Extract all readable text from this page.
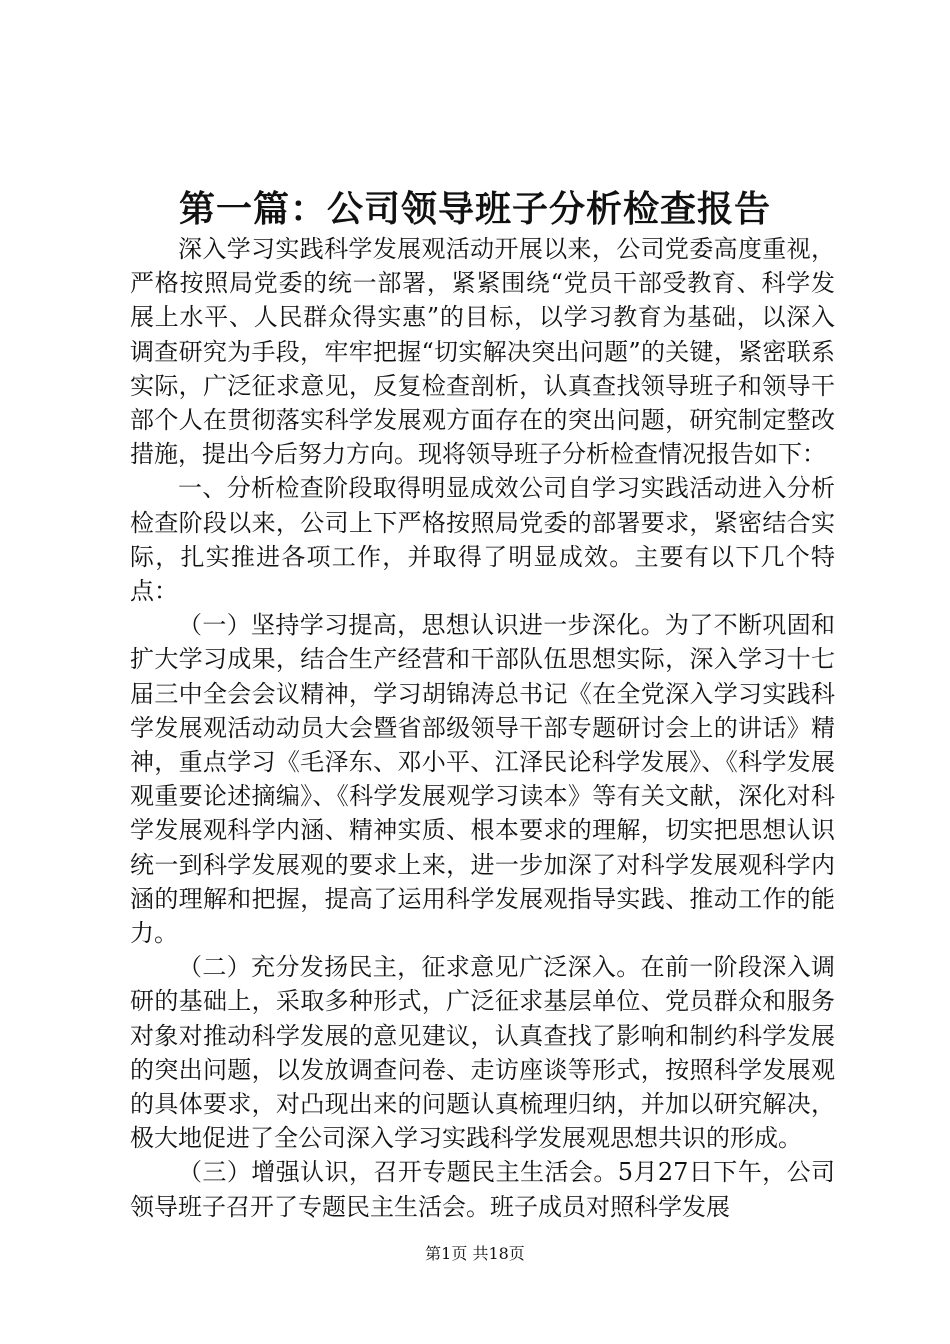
第一篇：公司领导班子分析检查报告

深入学习实践科学发展观活动开展以来，公司党委高度重视，严格按照局党委的统一部署，紧紧围绕“党员干部受教育、科学发展上水平、人民群众得实惠”的目标，以学习教育为基础，以深入调查研究为手段，牢牢把握“切实解决突出问题”的关键，紧密联系实际，广泛征求意见，反复检查剖析，认真查找领导班子和领导干部个人在贯彻落实科学发展观方面存在的突出问题，研究制定整改措施，提出今后努力方向。现将领导班子分析检查情况报告如下：

一、分析检查阶段取得明显成效公司自学习实践活动进入分析检查阶段以来，公司上下严格按照局党委的部署要求，紧密结合实际，扎实推进各项工作，并取得了明显成效。主要有以下几个特点：

（一）坚持学习提高，思想认识进一步深化。为了不断巩固和扩大学习成果，结合生产经营和干部队伍思想实际，深入学习十七届三中全会会议精神，学习胡锦涛总书记《在全党深入学习实践科学发展观活动动员大会暨省部级领导干部专题研讨会上的讲话》精神，重点学习《毛泽东、邓小平、江泽民论科学发展》、《科学发展观重要论述摘编》、《科学发展观学习读本》等有关文献，深化对科学发展观科学内涵、精神实质、根本要求的理解，切实把思想认识统一到科学发展观的要求上来，进一步加深了对科学发展观科学内涵的理解和把握，提高了运用科学发展观指导实践、推动工作的能力。

（二）充分发扬民主，征求意见广泛深入。在前一阶段深入调研的基础上，采取多种形式，广泛征求基层单位、党员群众和服务对象对推动科学发展的意见建议，认真查找了影响和制约科学发展的突出问题，以发放调查问卷、走访座谈等形式，按照科学发展观的具体要求，对凸现出来的问题认真梳理归纳，并加以研究解决，极大地促进了全公司深入学习实践科学发展观思想共识的形成。

（三）增强认识，召开专题民主生活会。5月27日下午，公司领导班子召开了专题民主生活会。班子成员对照科学发展

第1页 共18页
